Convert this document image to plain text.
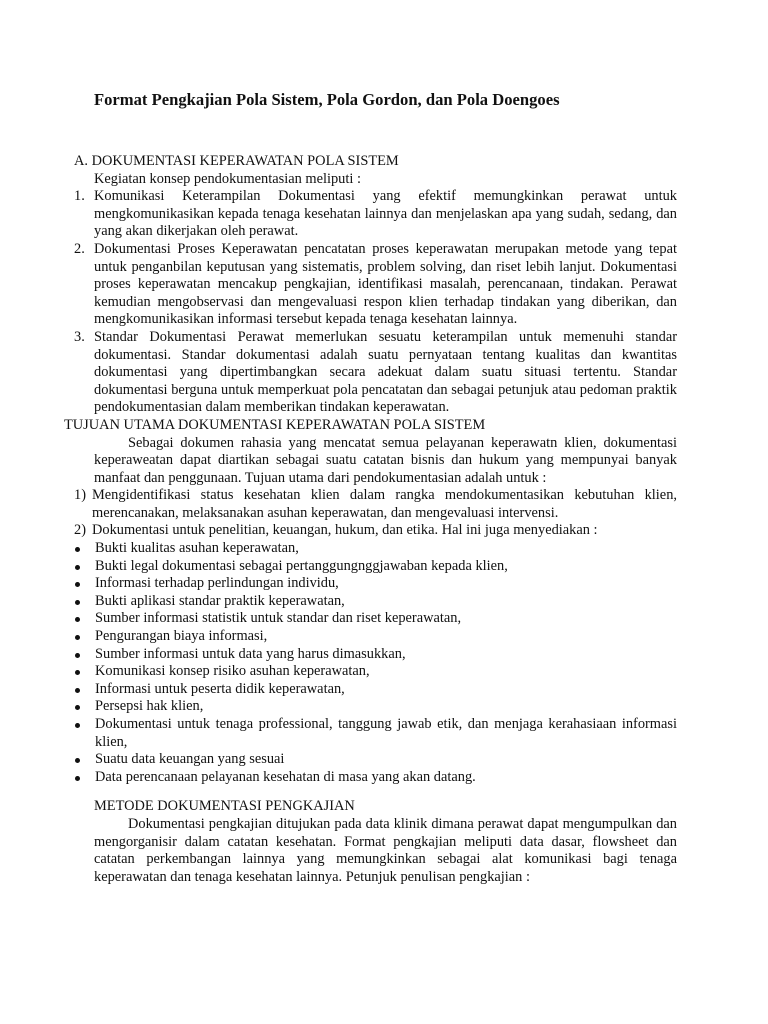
Format Pengkajian Pola Sistem, Pola Gordon, dan Pola Doengoes

A. DOKUMENTASI KEPERAWATAN POLA SISTEM

Kegiatan konsep pendokumentasian meliputi :

1. Komunikasi Keterampilan Dokumentasi yang efektif memungkinkan perawat untuk mengkomunikasikan kepada tenaga kesehatan lainnya dan menjelaskan apa yang sudah, sedang, dan yang akan dikerjakan oleh perawat.
2. Dokumentasi Proses Keperawatan pencatatan proses keperawatan merupakan metode yang tepat untuk penganbilan keputusan yang sistematis, problem solving, dan riset lebih lanjut. Dokumentasi proses keperawatan mencakup pengkajian, identifikasi masalah, perencanaan, tindakan. Perawat kemudian mengobservasi dan mengevaluasi respon klien terhadap tindakan yang diberikan, dan mengkomunikasikan informasi tersebut kepada tenaga kesehatan lainnya.
3. Standar Dokumentasi Perawat memerlukan sesuatu keterampilan untuk memenuhi standar dokumentasi. Standar dokumentasi adalah suatu pernyataan tentang kualitas dan kwantitas dokumentasi yang dipertimbangkan secara adekuat dalam suatu situasi tertentu. Standar dokumentasi berguna untuk memperkuat pola pencatatan dan sebagai petunjuk atau pedoman praktik pendokumentasian dalam memberikan tindakan keperawatan.

TUJUAN UTAMA DOKUMENTASI KEPERAWATAN POLA SISTEM

Sebagai dokumen rahasia yang mencatat semua pelayanan keperawatn klien, dokumentasi keperaweatan dapat diartikan sebagai suatu catatan bisnis dan hukum yang mempunyai banyak manfaat dan penggunaan. Tujuan utama dari pendokumentasian adalah untuk :

1) Mengidentifikasi status kesehatan klien dalam rangka mendokumentasikan kebutuhan klien, merencanakan, melaksanakan asuhan keperawatan, dan mengevaluasi intervensi.
2) Dokumentasi untuk penelitian, keuangan, hukum, dan etika. Hal ini juga menyediakan :
Bukti kualitas asuhan keperawatan,
Bukti legal dokumentasi sebagai pertanggungnggjawaban kepada klien,
Informasi terhadap perlindungan individu,
Bukti aplikasi standar praktik keperawatan,
Sumber informasi statistik untuk standar dan riset keperawatan,
Pengurangan biaya informasi,
Sumber informasi untuk data yang harus dimasukkan,
Komunikasi konsep risiko asuhan keperawatan,
Informasi untuk peserta didik keperawatan,
Persepsi hak klien,
Dokumentasi untuk tenaga professional, tanggung jawab etik, dan menjaga kerahasiaan informasi klien,
Suatu data keuangan yang sesuai
Data perencanaan pelayanan kesehatan di masa yang akan datang.

METODE DOKUMENTASI PENGKAJIAN

Dokumentasi pengkajian ditujukan pada data klinik dimana perawat dapat mengumpulkan dan mengorganisir dalam catatan kesehatan. Format pengkajian meliputi data dasar, flowsheet dan catatan perkembangan lainnya yang memungkinkan sebagai alat komunikasi bagi tenaga keperawatan dan tenaga kesehatan lainnya. Petunjuk penulisan pengkajian :
